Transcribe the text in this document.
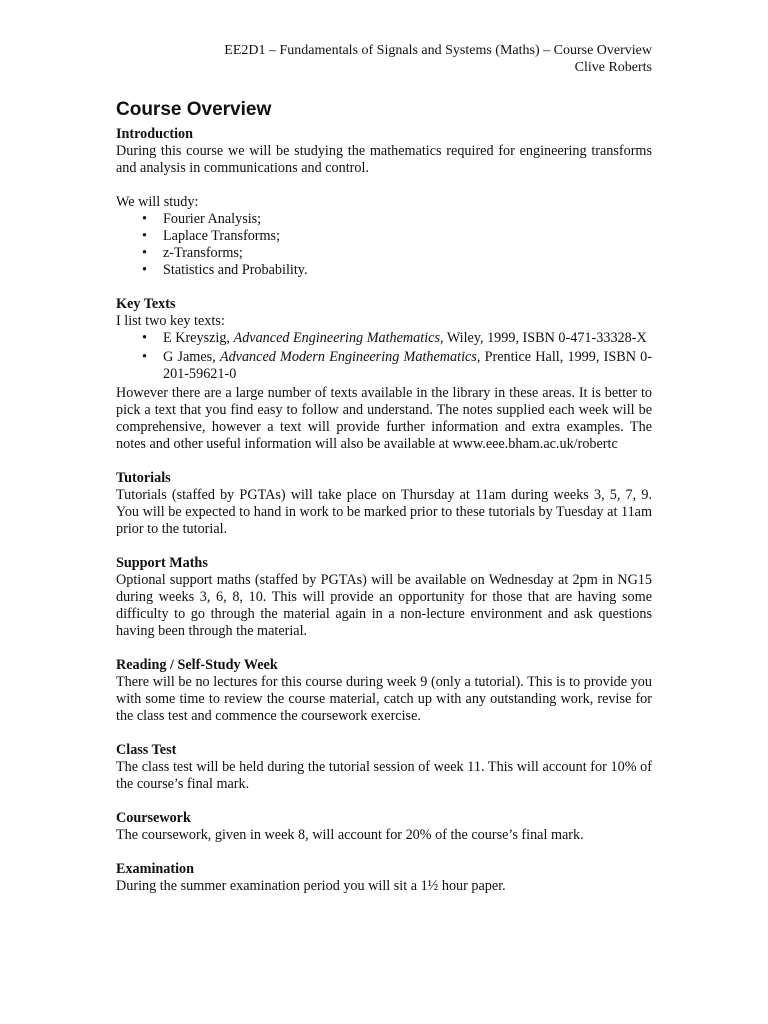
EE2D1 – Fundamentals of Signals and Systems (Maths) – Course Overview
Clive Roberts
Course Overview
Introduction

During this course we will be studying the mathematics required for engineering transforms and analysis in communications and control.

We will study:

• Fourier Analysis;
• Laplace Transforms;
• z-Transforms;
• Statistics and Probability.
Key Texts

I list two key texts:

• E Kreyszig, Advanced Engineering Mathematics, Wiley, 1999, ISBN 0-471-33328-X
• G James, Advanced Modern Engineering Mathematics, Prentice Hall, 1999, ISBN 0-201-59621-0

However there are a large number of texts available in the library in these areas. It is better to pick a text that you find easy to follow and understand. The notes supplied each week will be comprehensive, however a text will provide further information and extra examples. The notes and other useful information will also be available at www.eee.bham.ac.uk/robertc

Tutorials

Tutorials (staffed by PGTAs) will take place on Thursday at 11am during weeks 3, 5, 7, 9. You will be expected to hand in work to be marked prior to these tutorials by Tuesday at 11am prior to the tutorial.

Support Maths

Optional support maths (staffed by PGTAs) will be available on Wednesday at 2pm in NG15 during weeks 3, 6, 8, 10. This will provide an opportunity for those that are having some difficulty to go through the material again in a non-lecture environment and ask questions having been through the material.

Reading / Self-Study Week

There will be no lectures for this course during week 9 (only a tutorial). This is to provide you with some time to review the course material, catch up with any outstanding work, revise for the class test and commence the coursework exercise.

Class Test

The class test will be held during the tutorial session of week 11. This will account for 10% of the course’s final mark.

Coursework

The coursework, given in week 8, will account for 20% of the course’s final mark.

Examination

During the summer examination period you will sit a 1½ hour paper.
